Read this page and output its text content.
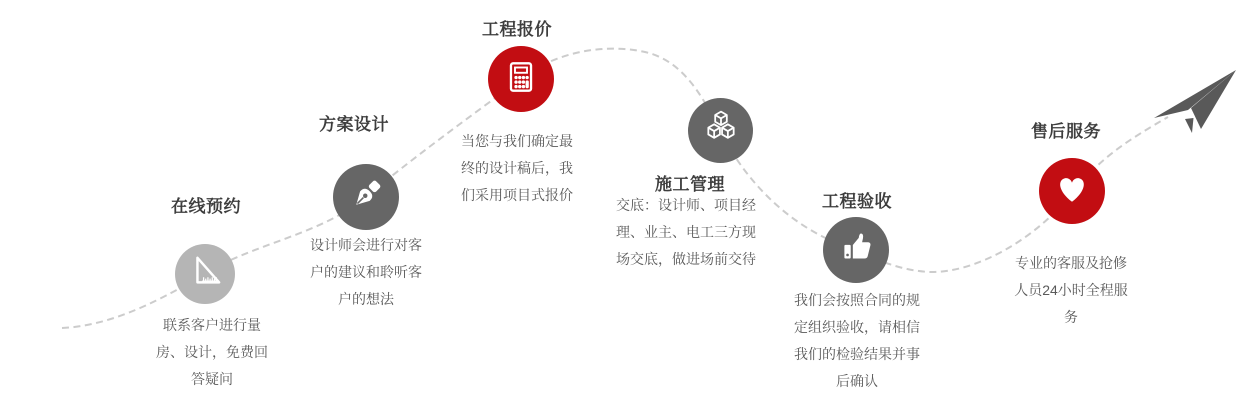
在线预约
联系客户进行量
房、设计，免费回
答疑问
方案设计
设计师会进行对客
户的建议和聆听客
户的想法
工程报价
当您与我们确定最
终的设计稿后，我
们采用项目式报价
施工管理
交底：设计师、项目经
理、业主、电工三方现
场交底，做进场前交待
工程验收
我们会按照合同的规
定组织验收，请相信
我们的检验结果并事
后确认
售后服务
专业的客服及抢修
人员24小时全程服
务
